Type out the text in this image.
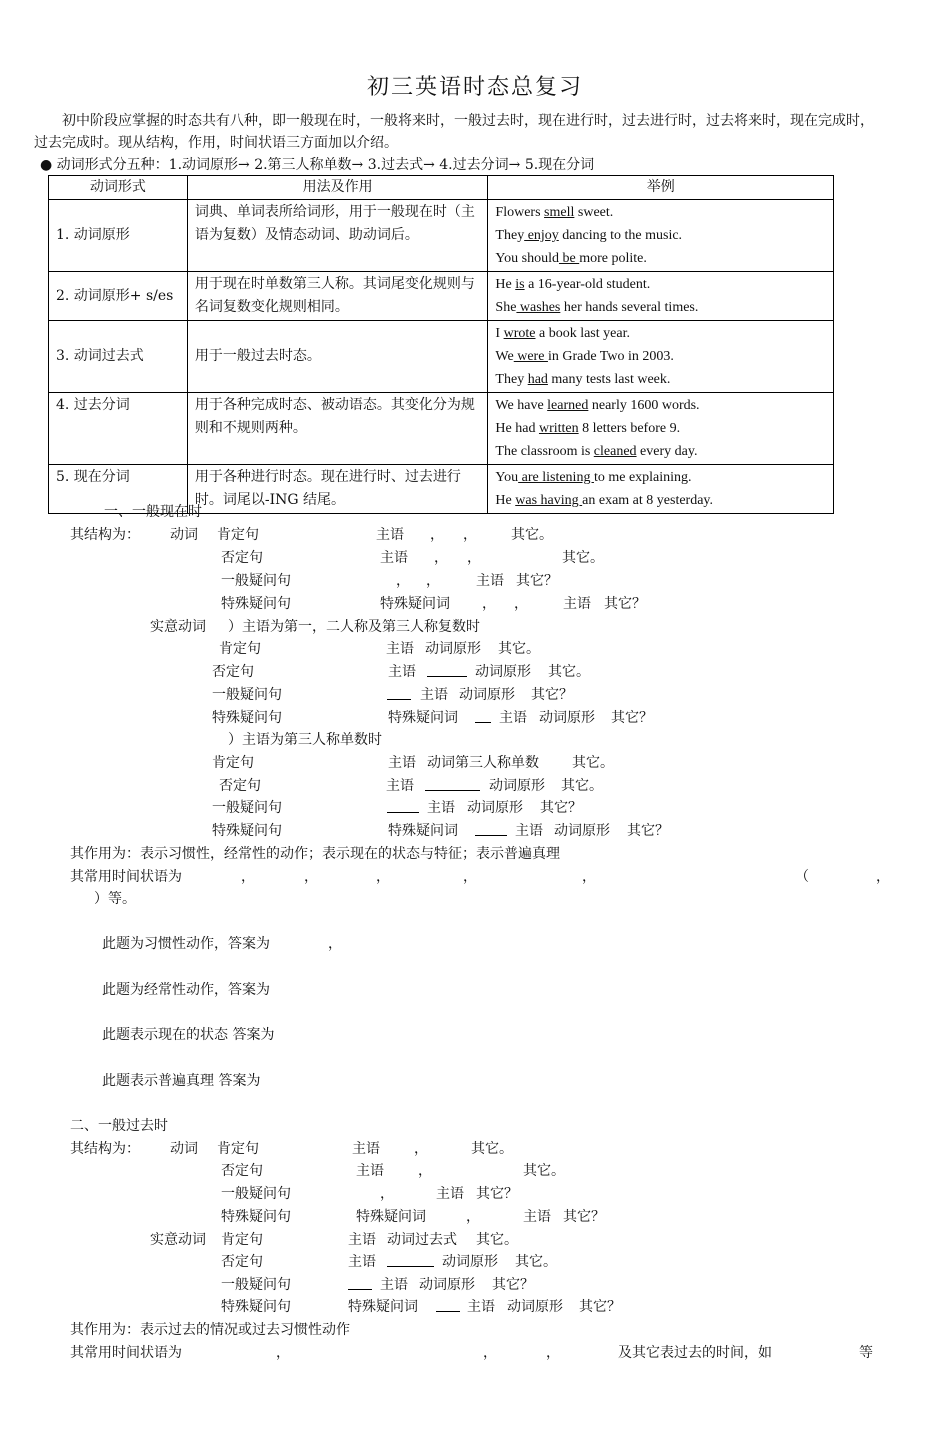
初三英语时态总复习
初中阶段应掌握的时态共有八种，即一般现在时，一般将来时，一般过去时，现在进行时，过去进行时，过去将来时，现在完成时，过去完成时。现从结构，作用，时间状语三方面加以介绍。
● 动词形式分五种：1.动词原形→ 2.第三人称单数→ 3.过去式→ 4.过去分词→ 5.现在分词
动词形式	用法及作用	举例
1. 动词原形	词典、单词表所给词形，用于一般现在时（主语为复数）及情态动词、助动词后。	Flowers smell sweet.
They enjoy dancing to the music.
You should be more polite.

2. 动词原形+ s/es	用于现在时单数第三人称。其词尾变化规则与名词复数变化规则相同。	He is a 16-year-old student.
She washes her hands several times.

3. 动词过去式	用于一般过去时态。	I wrote a book last year.
We were in Grade Two in 2003.
They had many tests last week.

4. 过去分词	用于各种完成时态、被动语态。其变化分为规则和不规则两种。	We have learned nearly 1600 words.
He had written 8 letters before 9.
The classroom is cleaned every day.

5. 现在分词	用于各种进行时态。现在进行时、过去进行时。词尾以-ING 结尾。	You are listening to me explaining.
He was having an exam at 8 yesterday.
一、一般现在时
其结构为： 动词 肯定句	主语 ， ， 其它。
否定句	主语 ， ，	其它。
一般疑问句	， ，	主语 其它？
特殊疑问句	特殊疑问词 ， ，	主语 其它？
实意动词 ）主语为第一，二人称及第三人称复数时
肯定句	主语 动词原形 其它。
否定句	主语	动词原形 其它。
一般疑问句	主语 动词原形 其它？
特殊疑问句	特殊疑问词	主语 动词原形 其它？
）主语为第三人称单数时
肯定句	主语 动词第三人称单数 其它。
否定句	主语	动词原形 其它。
一般疑问句	主语 动词原形 其它？
特殊疑问句	特殊疑问词	主语 动词原形 其它？
其作用为：表示习惯性，经常性的动作；表示现在的状态与特征；表示普遍真理
其常用时间状语为	，	，	，	，	，	（	，
）等。
此题为习惯性动作，答案为	，
此题为经常性动作，答案为
此题表示现在的状态 答案为
此题表示普遍真理 答案为
二、一般过去时
其结构为： 动词 肯定句	主语 ，	其它。
否定句	主语 ，	其它。
一般疑问句	，	主语 其它？
特殊疑问句	特殊疑问词	，	主语 其它？
实意动词 肯定句	主语 动词过去式 其它。
否定句	主语	动词原形 其它。
一般疑问句	主语 动词原形 其它？
特殊疑问句	特殊疑问词	主语 动词原形 其它？
其作用为：表示过去的情况或过去习惯性动作
其常用时间状语为	，	，	，	及其它表过去的时间，如	等
